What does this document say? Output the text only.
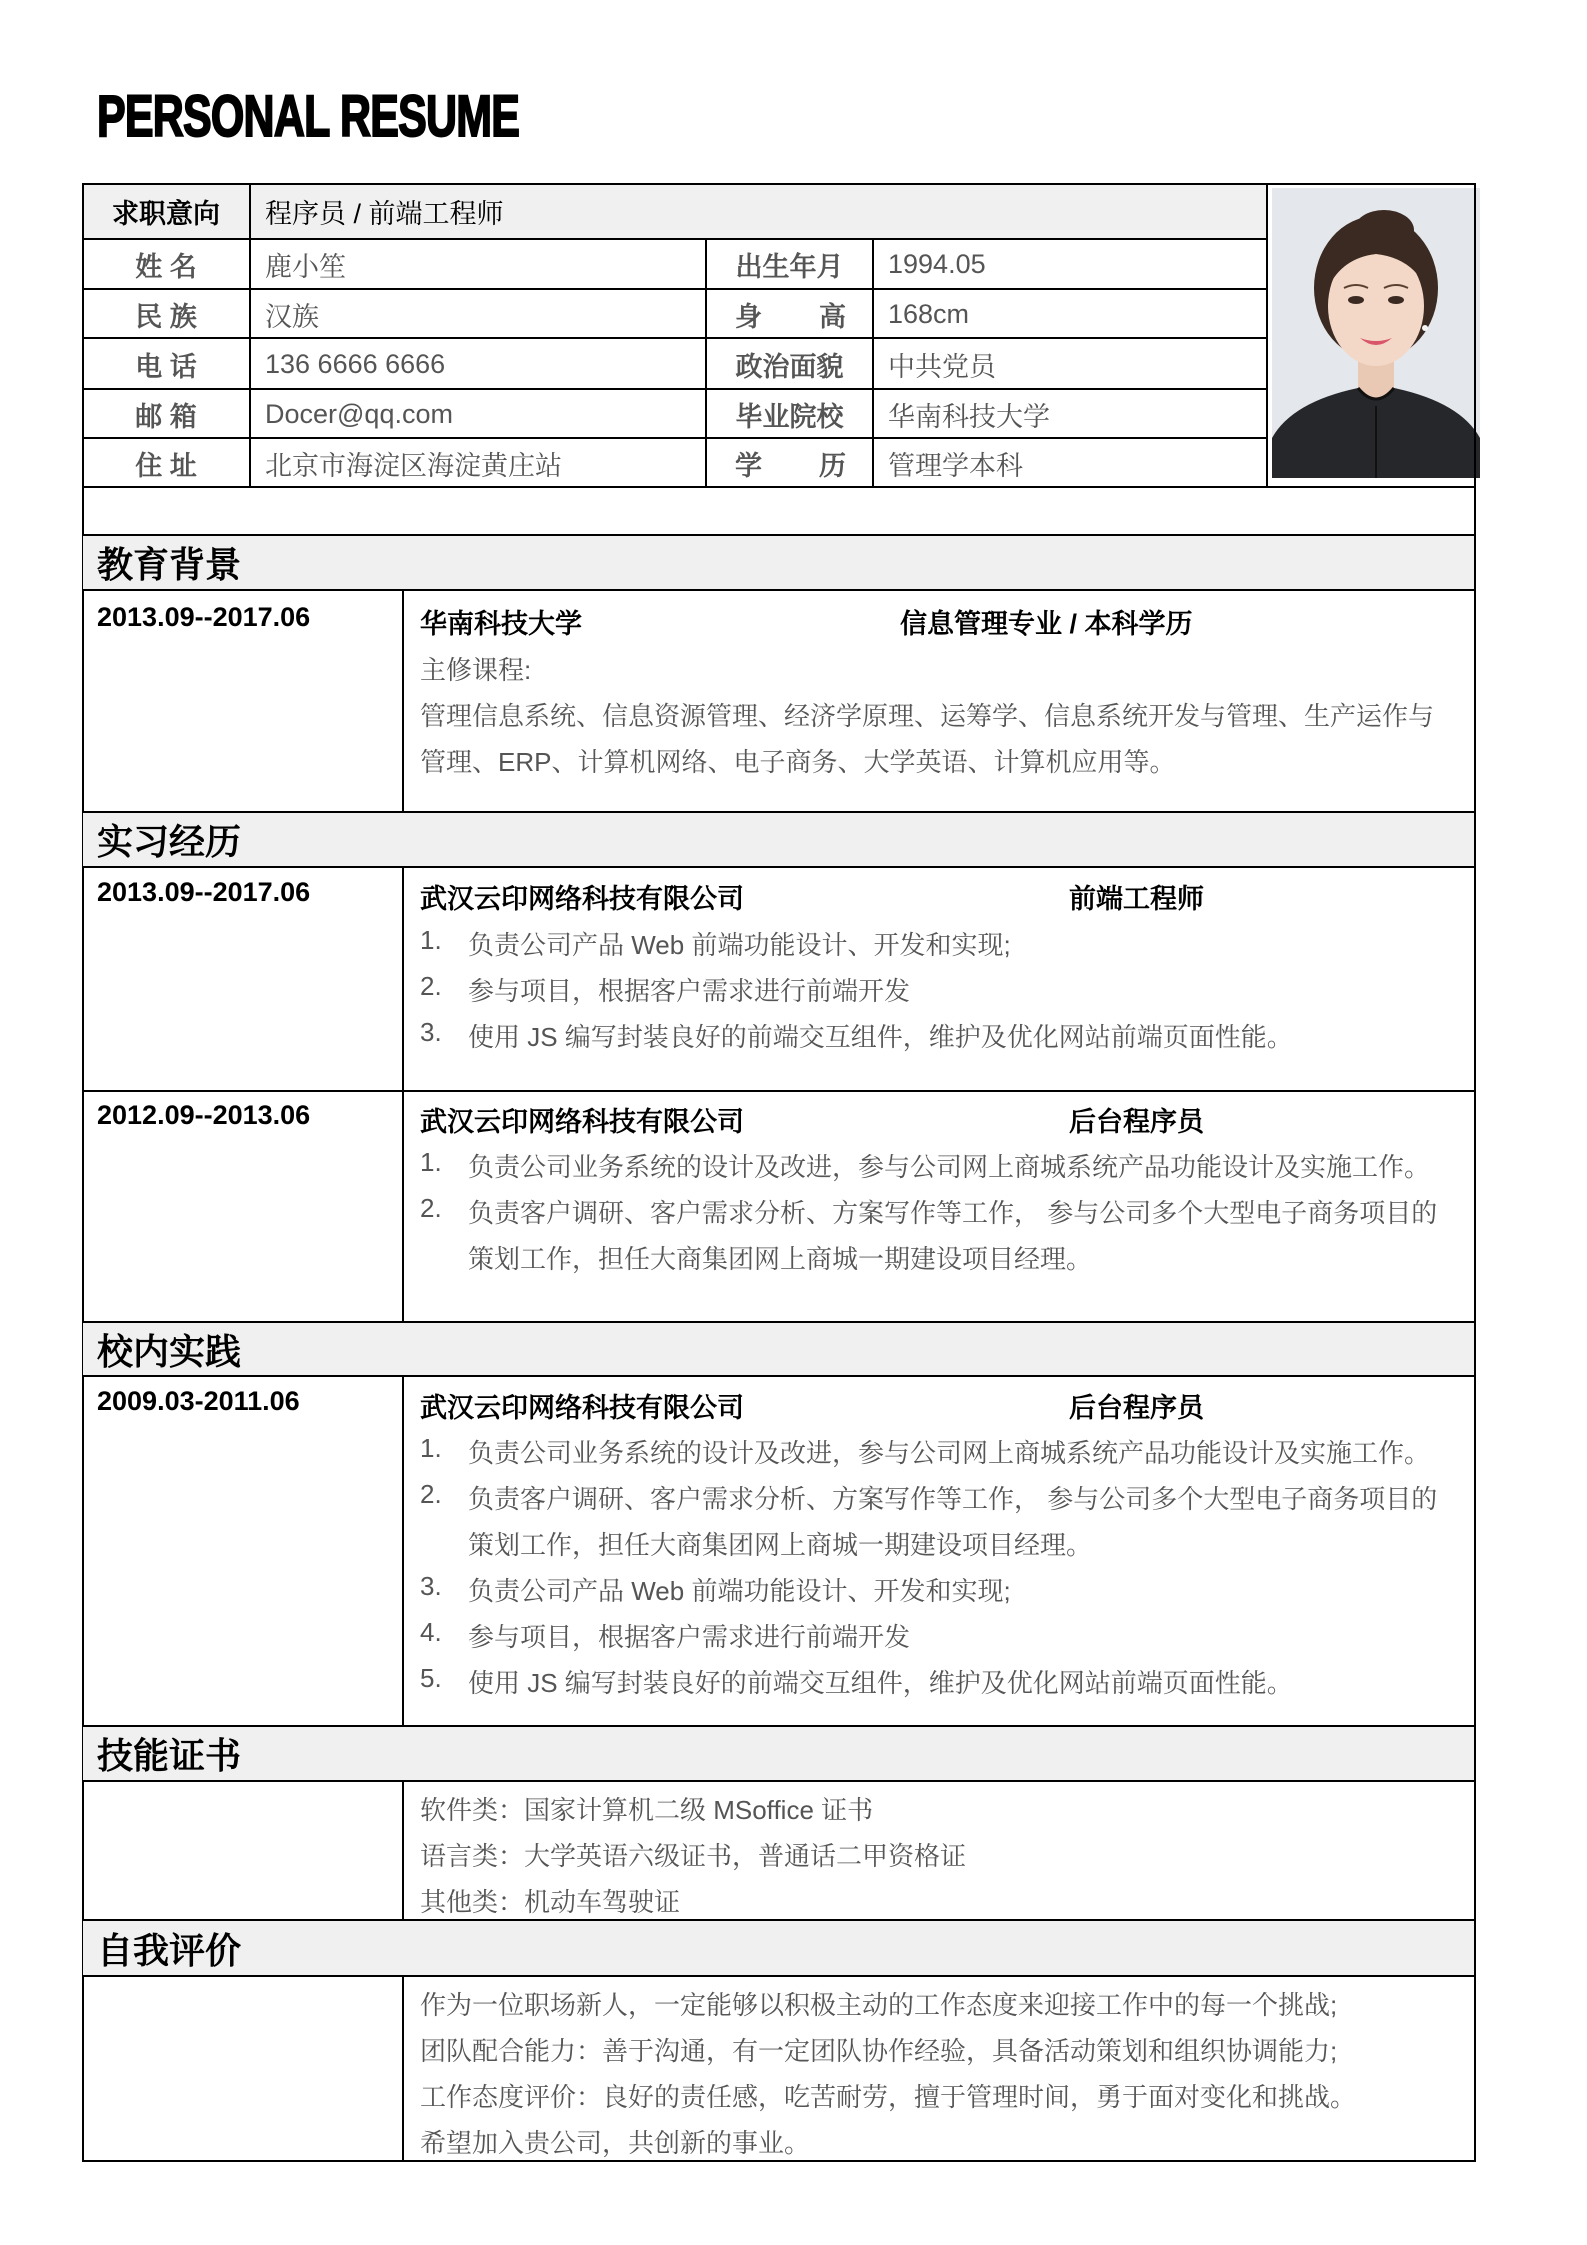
PERSONAL RESUME
求职意向	程序员 / 前端工程师
姓 名	鹿小笙	出生年月	1994.05
民 族	汉族	身 高	168cm
电 话	136 6666 6666	政治面貌	中共党员
邮 箱	Docer@qq.com	毕业院校	华南科技大学
住 址	北京市海淀区海淀黄庄站	学 历	管理学本科
教育背景
2013.09--2017.06	华南科技大学	信息管理专业 / 本科学历
主修课程:
管理信息系统、信息资源管理、经济学原理、运筹学、信息系统开发与管理、生产运作与
管理、ERP、计算机网络、电子商务、大学英语、计算机应用等。
实习经历
2013.09--2017.06	武汉云印网络科技有限公司	前端工程师
1. 负责公司产品 Web 前端功能设计、开发和实现;
2. 参与项目，根据客户需求进行前端开发
3. 使用 JS 编写封装良好的前端交互组件，维护及优化网站前端页面性能。
2012.09--2013.06	武汉云印网络科技有限公司	后台程序员
1. 负责公司业务系统的设计及改进，参与公司网上商城系统产品功能设计及实施工作。
2. 负责客户调研、客户需求分析、方案写作等工作， 参与公司多个大型电子商务项目的
策划工作，担任大商集团网上商城一期建设项目经理。
校内实践
2009.03-2011.06	武汉云印网络科技有限公司	后台程序员
1. 负责公司业务系统的设计及改进，参与公司网上商城系统产品功能设计及实施工作。
2. 负责客户调研、客户需求分析、方案写作等工作， 参与公司多个大型电子商务项目的
策划工作，担任大商集团网上商城一期建设项目经理。
3. 负责公司产品 Web 前端功能设计、开发和实现;
4. 参与项目，根据客户需求进行前端开发
5. 使用 JS 编写封装良好的前端交互组件，维护及优化网站前端页面性能。
技能证书
软件类：国家计算机二级 MSoffice 证书
语言类：大学英语六级证书，普通话二甲资格证
其他类：机动车驾驶证
自我评价
作为一位职场新人，一定能够以积极主动的工作态度来迎接工作中的每一个挑战;
团队配合能力：善于沟通，有一定团队协作经验，具备活动策划和组织协调能力;
工作态度评价：良好的责任感，吃苦耐劳，擅于管理时间，勇于面对变化和挑战。
希望加入贵公司，共创新的事业。
